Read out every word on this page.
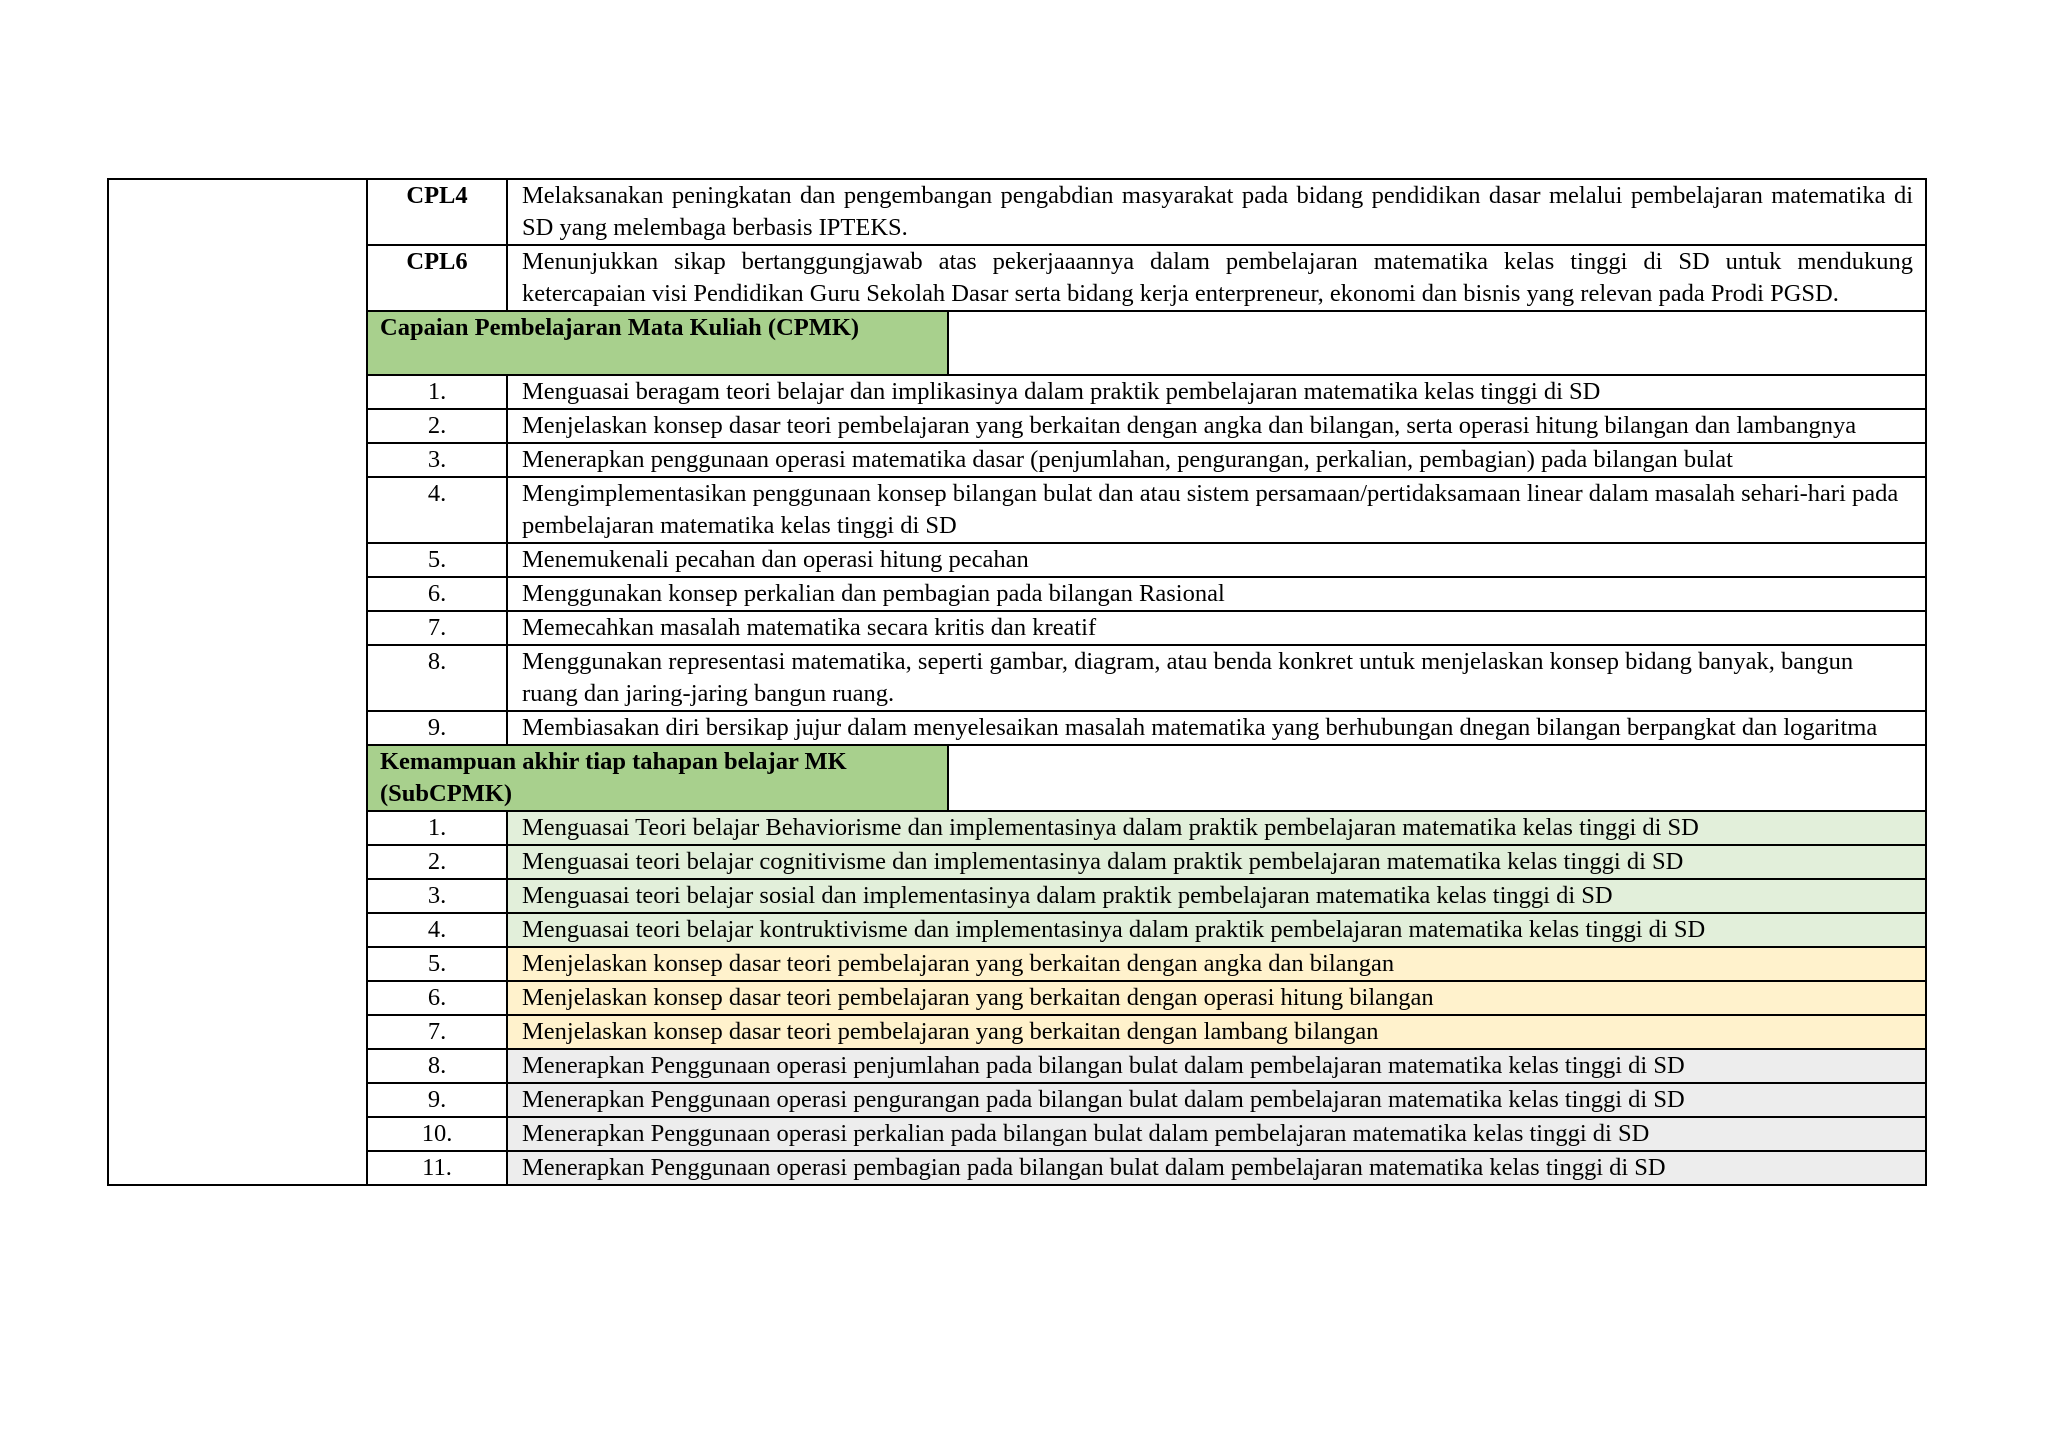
	CPL4	Melaksanakan peningkatan dan pengembangan pengabdian masyarakat pada bidang pendidikan dasar melalui pembelajaran matematika di SD yang melembaga berbasis IPTEKS.	
	CPL6	Menunjukkan sikap bertanggungjawab atas pekerjaaannya dalam pembelajaran matematika kelas tinggi di SD untuk mendukung ketercapaian visi Pendidikan Guru Sekolah Dasar serta bidang kerja enterpreneur, ekonomi dan bisnis yang relevan pada Prodi PGSD.	
	Capaian Pembelajaran Mata Kuliah (CPMK)		
	1.	Menguasai beragam teori belajar dan implikasinya dalam praktik pembelajaran matematika kelas tinggi di SD	
	2.	Menjelaskan konsep dasar teori pembelajaran yang berkaitan dengan angka dan bilangan, serta operasi hitung bilangan dan lambangnya	
	3.	Menerapkan penggunaan operasi matematika dasar (penjumlahan, pengurangan, perkalian, pembagian) pada bilangan bulat	
	4.	Mengimplementasikan penggunaan konsep bilangan bulat dan atau sistem persamaan/pertidaksamaan linear dalam masalah sehari-hari pada pembelajaran matematika kelas tinggi di SD	
	5.	Menemukenali pecahan dan operasi hitung pecahan	
	6.	Menggunakan konsep perkalian dan pembagian pada bilangan Rasional	
	7.	Memecahkan masalah matematika secara kritis dan kreatif	
	8.	Menggunakan representasi matematika, seperti gambar, diagram, atau benda konkret untuk menjelaskan konsep bidang banyak, bangun ruang dan jaring-jaring bangun ruang.	
	9.	Membiasakan diri bersikap jujur dalam menyelesaikan masalah matematika yang berhubungan dnegan bilangan berpangkat dan logaritma	
	Kemampuan akhir tiap tahapan belajar MK (SubCPMK)		
	1.	Menguasai Teori belajar Behaviorisme dan implementasinya dalam praktik pembelajaran matematika kelas tinggi di SD	
	2.	Menguasai teori belajar cognitivisme dan implementasinya dalam praktik pembelajaran matematika kelas tinggi di SD	
	3.	Menguasai teori belajar sosial dan implementasinya dalam praktik pembelajaran matematika kelas tinggi di SD	
	4.	Menguasai teori belajar kontruktivisme dan implementasinya dalam praktik pembelajaran matematika kelas tinggi di SD	
	5.	Menjelaskan konsep dasar teori pembelajaran yang berkaitan dengan angka dan bilangan	
	6.	Menjelaskan konsep dasar teori pembelajaran yang berkaitan dengan operasi hitung bilangan	
	7.	Menjelaskan konsep dasar teori pembelajaran yang berkaitan dengan lambang bilangan	
	8.	Menerapkan Penggunaan operasi penjumlahan pada bilangan bulat dalam pembelajaran matematika kelas tinggi di SD	
	9.	Menerapkan Penggunaan operasi pengurangan pada bilangan bulat dalam pembelajaran matematika kelas tinggi di SD	
	10.	Menerapkan Penggunaan operasi perkalian pada bilangan bulat dalam pembelajaran matematika kelas tinggi di SD	
	11.	Menerapkan Penggunaan operasi pembagian pada bilangan bulat dalam pembelajaran matematika kelas tinggi di SD	
